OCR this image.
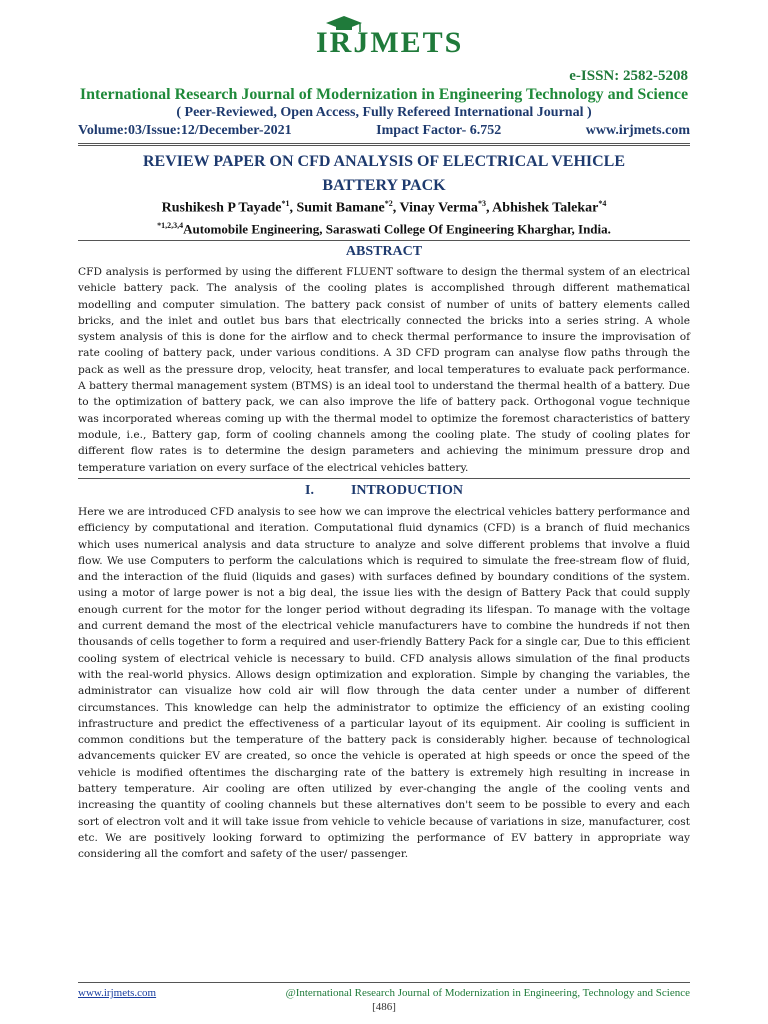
IRJMETS
e-ISSN: 2582-5208
International Research Journal of Modernization in Engineering Technology and Science
( Peer-Reviewed, Open Access, Fully Refereed International Journal )
Volume:03/Issue:12/December-2021	Impact Factor- 6.752	www.irjmets.com
REVIEW PAPER ON CFD ANALYSIS OF ELECTRICAL VEHICLE
BATTERY PACK
Rushikesh P Tayade$^{*1}$, Sumit Bamane$^{*2}$, Vinay Verma$^{*3}$, Abhishek Talekar$^{*4}$
$^{*1,2,3,4}$Automobile Engineering, Saraswati College Of Engineering Kharghar, India.
ABSTRACT

CFD analysis is performed by using the different FLUENT software to design the thermal system of an electrical vehicle battery pack. The analysis of the cooling plates is accomplished through different mathematical modelling and computer simulation. The battery pack consist of number of units of battery elements called bricks, and the inlet and outlet bus bars that electrically connected the bricks into a series string. A whole system analysis of this is done for the airflow and to check thermal performance to insure the improvisation of rate cooling of battery pack, under various conditions. A 3D CFD program can analyse flow paths through the pack as well as the pressure drop, velocity, heat transfer, and local temperatures to evaluate pack performance. A battery thermal management system (BTMS) is an ideal tool to understand the thermal health of a battery. Due to the optimization of battery pack, we can also improve the life of battery pack. Orthogonal vogue technique was incorporated whereas coming up with the thermal model to optimize the foremost characteristics of battery module, i.e., Battery gap, form of cooling channels among the cooling plate. The study of cooling plates for different flow rates is to determine the design parameters and achieving the minimum pressure drop and temperature variation on every surface of the electrical vehicles battery.

I.	INTRODUCTION

Here we are introduced CFD analysis to see how we can improve the electrical vehicles battery performance and efficiency by computational and iteration. Computational fluid dynamics (CFD) is a branch of fluid mechanics which uses numerical analysis and data structure to analyze and solve different problems that involve a fluid flow. We use Computers to perform the calculations which is required to simulate the free-stream flow of fluid, and the interaction of the fluid (liquids and gases) with surfaces defined by boundary conditions of the system. using a motor of large power is not a big deal, the issue lies with the design of Battery Pack that could supply enough current for the motor for the longer period without degrading its lifespan. To manage with the voltage and current demand the most of the electrical vehicle manufacturers have to combine the hundreds if not then thousands of cells together to form a required and user-friendly Battery Pack for a single car, Due to this efficient cooling system of electrical vehicle is necessary to build. CFD analysis allows simulation of the final products with the real-world physics. Allows design optimization and exploration. Simple by changing the variables, the administrator can visualize how cold air will flow through the data center under a number of different circumstances. This knowledge can help the administrator to optimize the efficiency of an existing cooling infrastructure and predict the effectiveness of a particular layout of its equipment. Air cooling is sufficient in common conditions but the temperature of the battery pack is considerably higher. because of technological advancements quicker EV are created, so once the vehicle is operated at high speeds or once the speed of the vehicle is modified oftentimes the discharging rate of the battery is extremely high resulting in increase in battery temperature. Air cooling are often utilized by ever-changing the angle of the cooling vents and increasing the quantity of cooling channels but these alternatives don't seem to be possible to every and each sort of electron volt and it will take issue from vehicle to vehicle because of variations in size, manufacturer, cost etc. We are positively looking forward to optimizing the performance of EV battery in appropriate way considering all the comfort and safety of the user/ passenger.

www.irjmets.com	@International Research Journal of Modernization in Engineering, Technology and Science
[486]
